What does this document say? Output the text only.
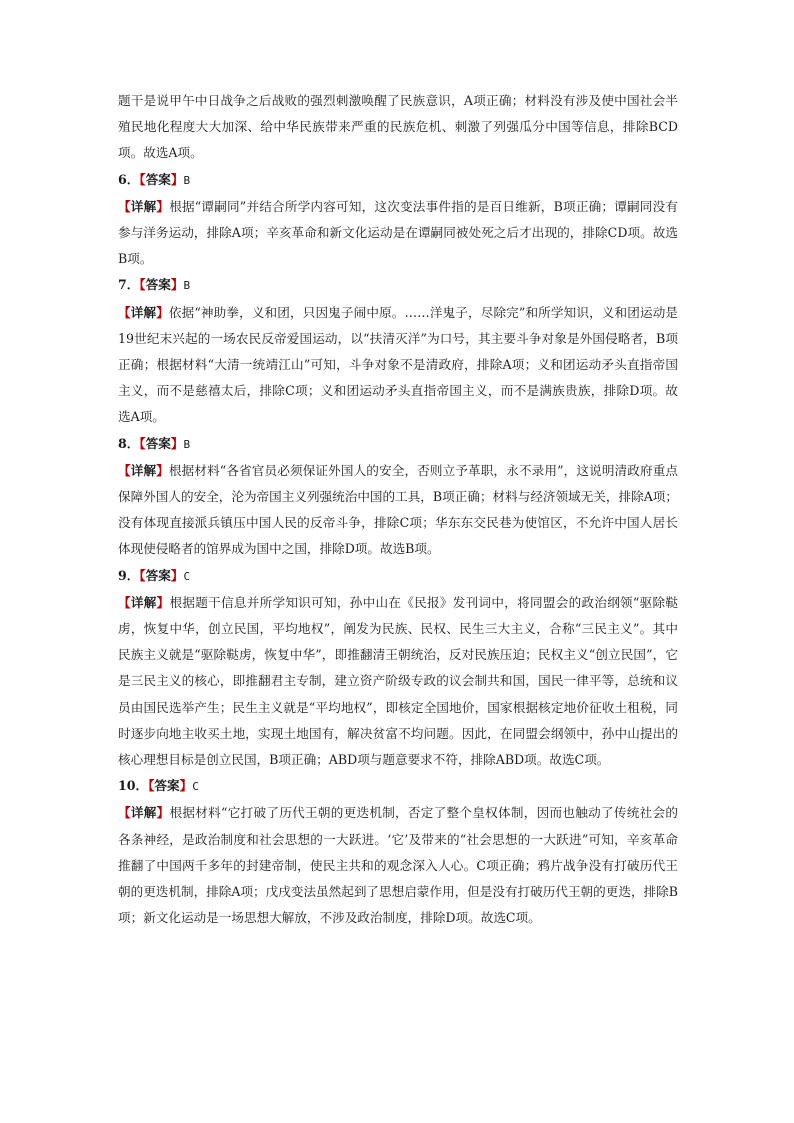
题干是说甲午中日战争之后战败的强烈刺激唤醒了民族意识，A项正确；材料没有涉及使中国社会半殖民地化程度大大加深、给中华民族带来严重的民族危机、刺激了列强瓜分中国等信息，排除BCD项。故选A项。

6．【答案】B

【详解】根据“谭嗣同”并结合所学内容可知，这次变法事件指的是百日维新，B项正确；谭嗣同没有参与洋务运动，排除A项；辛亥革命和新文化运动是在谭嗣同被处死之后才出现的，排除CD项。故选B项。

7．【答案】B

【详解】依据“神助拳，义和团，只因鬼子闹中原。……洋鬼子，尽除完”和所学知识，义和团运动是19世纪末兴起的一场农民反帝爱国运动，以“扶清灭洋”为口号，其主要斗争对象是外国侵略者，B项正确；根据材料“大清一统靖江山”可知，斗争对象不是清政府，排除A项；义和团运动矛头直指帝国主义，而不是慈禧太后，排除C项；义和团运动矛头直指帝国主义，而不是满族贵族，排除D项。故选A项。

8．【答案】B

【详解】根据材料“各省官员必须保证外国人的安全，否则立予革职，永不录用”，这说明清政府重点保障外国人的安全，沦为帝国主义列强统治中国的工具，B项正确；材料与经济领域无关，排除A项；没有体现直接派兵镇压中国人民的反帝斗争，排除C项；华东东交民巷为使馆区，不允许中国人居长体现使侵略者的馆界成为国中之国，排除D项。故选B项。

9．【答案】C

【详解】根据题干信息并所学知识可知，孙中山在《民报》发刊词中，将同盟会的政治纲领“驱除鞑虏，恢复中华，创立民国，平均地权”，阐发为民族、民权、民生三大主义，合称“三民主义”。其中民族主义就是“驱除鞑虏，恢复中华”，即推翻清王朝统治，反对民族压迫；民权主义“创立民国”，它是三民主义的核心，即推翻君主专制，建立资产阶级专政的议会制共和国，国民一律平等，总统和议员由国民选举产生；民生主义就是“平均地权”，即核定全国地价，国家根据核定地价征收土租税，同时逐步向地主收买土地，实现土地国有，解决贫富不均问题。因此，在同盟会纲领中，孙中山提出的核心理想目标是创立民国，B项正确；ABD项与题意要求不符，排除ABD项。故选C项。

10．【答案】C

【详解】根据材料“它打破了历代王朝的更迭机制，否定了整个皇权体制，因而也触动了传统社会的各条神经，是政治制度和社会思想的一大跃进。‘它’及带来的“社会思想的一大跃进”可知，辛亥革命推翻了中国两千多年的封建帝制，使民主共和的观念深入人心。C项正确；鸦片战争没有打破历代王朝的更迭机制，排除A项；戊戌变法虽然起到了思想启蒙作用，但是没有打破历代王朝的更迭，排除B项；新文化运动是一场思想大解放，不涉及政治制度，排除D项。故选C项。
